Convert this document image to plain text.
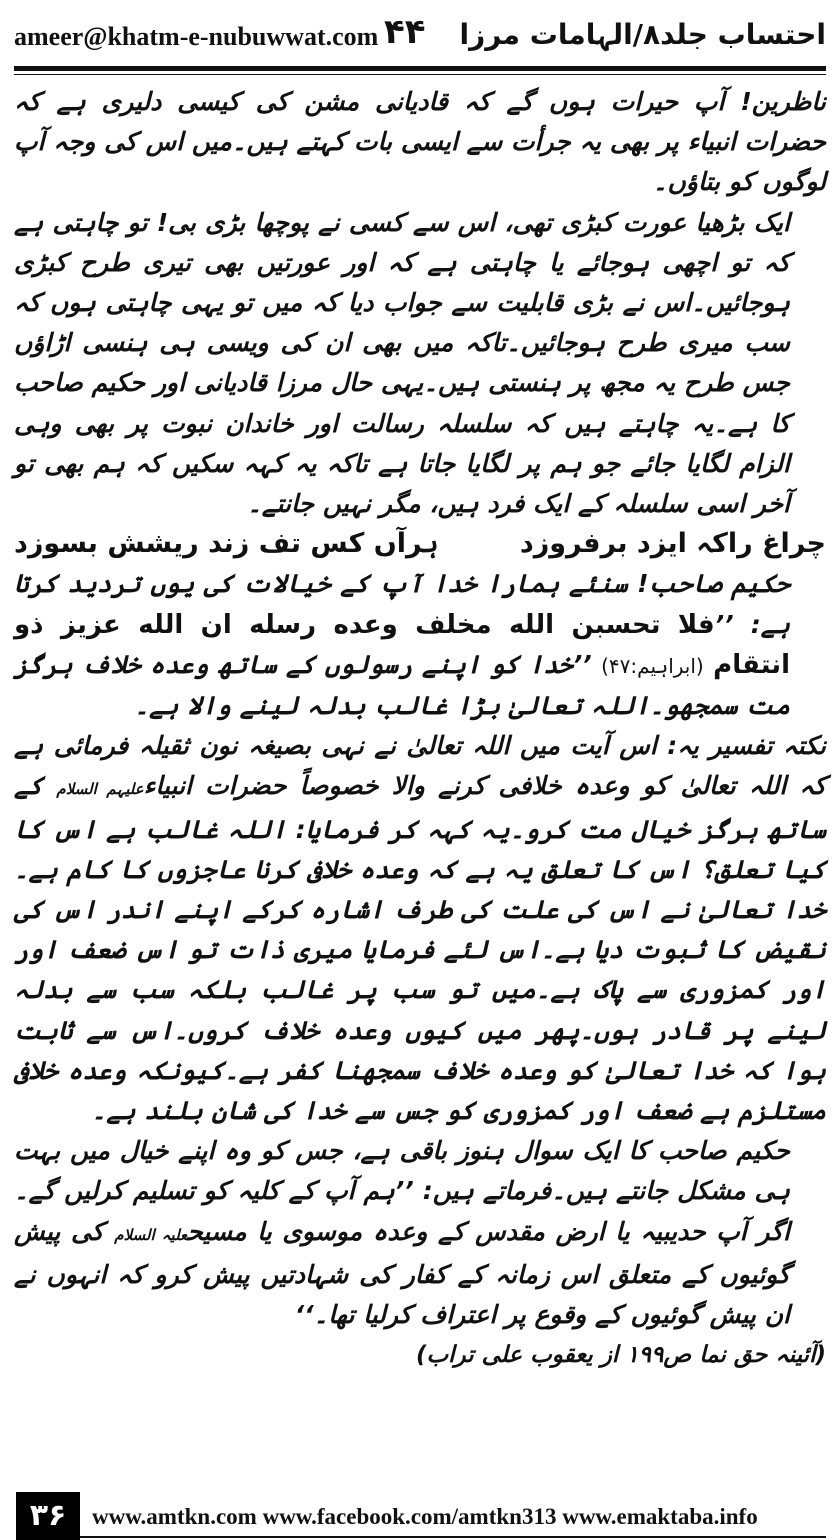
ameer@khatm-e-nubuwwat.com ۴۴ احتساب جلد۸/الہامات مرزا

ناظرین! آپ حیرات ہوں گے کہ قادیانی مشن کی کیسی دلیری ہے کہ حضرات انبیاء پر بھی یہ جرأت سے ایسی بات کہتے ہیں۔میں اس کی وجہ آپ لوگوں کو بتاؤں۔

ایک بڑھیا عورت کبڑی تھی، اس سے کسی نے پوچھا بڑی بی! تو چاہتی ہے کہ تو اچھی ہوجائے یا چاہتی ہے کہ اور عورتیں بھی تیری طرح کبڑی ہوجائیں۔اس نے بڑی قابلیت سے جواب دیا کہ میں تو یہی چاہتی ہوں کہ سب میری طرح ہوجائیں۔تاکہ میں بھی ان کی ویسی ہی ہنسی اڑاؤں جس طرح یہ مجھ پر ہنستی ہیں۔یہی حال مرزا قادیانی اور حکیم صاحب کا ہے۔یہ چاہتے ہیں کہ سلسلہ رسالت اور خاندان نبوت پر بھی وہی الزام لگایا جائے جو ہم پر لگایا جاتا ہے تاکہ یہ کہہ سکیں کہ ہم بھی تو آخر اسی سلسلہ کے ایک فرد ہیں، مگر نہیں جانتے۔

چراغ راکہ ایزد برفروزد
ہرآں کس تف زند ریشش بسوزد

حکیم صاحب! سنئے ہمارا خدا آپ کے خیالات کی یوں تردید کرتا ہے: ’’فلا تحسبن الله مخلف وعده رسله ان الله عزيز ذو انتقام (ابراہیم:۴۷) ’’خدا کو اپنے رسولوں کے ساتھ وعدہ خلاف ہرگز مت سمجھو۔اللہ تعالیٰ بڑا غالب بدلہ لینے والا ہے۔

نکتہ تفسیر یہ: اس آیت میں اللہ تعالیٰ نے نہی بصیغہ نون ثقیلہ فرمائی ہے کہ اللہ تعالیٰ کو وعدہ خلافی کرنے والا خصوصاً حضرات انبیاءعلیہم السلام کے ساتھ ہرگز خیال مت کرو۔یہ کہہ کر فرمایا: اللہ غالب ہے اس کا کیا تعلق؟ اس کا تعلق یہ ہے کہ وعدہ خلافی کرنا عاجزوں کا کام ہے۔خدا تعالیٰ نے اس کی علت کی طرف اشارہ کرکے اپنے اندر اس کی نقیض کا ثبوت دیا ہے۔اس لئے فرمایا میری ذات تو اس ضعف اور اور کمزوری سے پاک ہے۔میں تو سب پر غالب بلکہ سب سے بدلہ لینے پر قادر ہوں۔پھر میں کیوں وعدہ خلاف کروں۔اس سے ثابت ہوا کہ خدا تعالیٰ کو وعدہ خلاف سمجھنا کفر ہے۔کیونکہ وعدہ خلافی مستلزم ہے ضعف اور کمزوری کو جس سے خدا کی شان بلند ہے۔

حکیم صاحب کا ایک سوال ہنوز باقی ہے، جس کو وہ اپنے خیال میں بہت ہی مشکل جانتے ہیں۔فرماتے ہیں: ’’ہم آپ کے کلیہ کو تسلیم کرلیں گے۔اگر آپ حدیبیہ یا ارض مقدس کے وعدہ موسوی یا مسیحعلیہ السلام کی پیش گوئیوں کے متعلق اس زمانہ کے کفار کی شہادتیں پیش کرو کہ انہوں نے ان پیش گوئیوں کے وقوع پر اعتراف کرلیا تھا۔‘‘

(آئینہ حق نما ص۱۹۹ از یعقوب علی تراب)

۳۶	www.amtkn.com www.facebook.com/amtkn313 www.emaktaba.info
